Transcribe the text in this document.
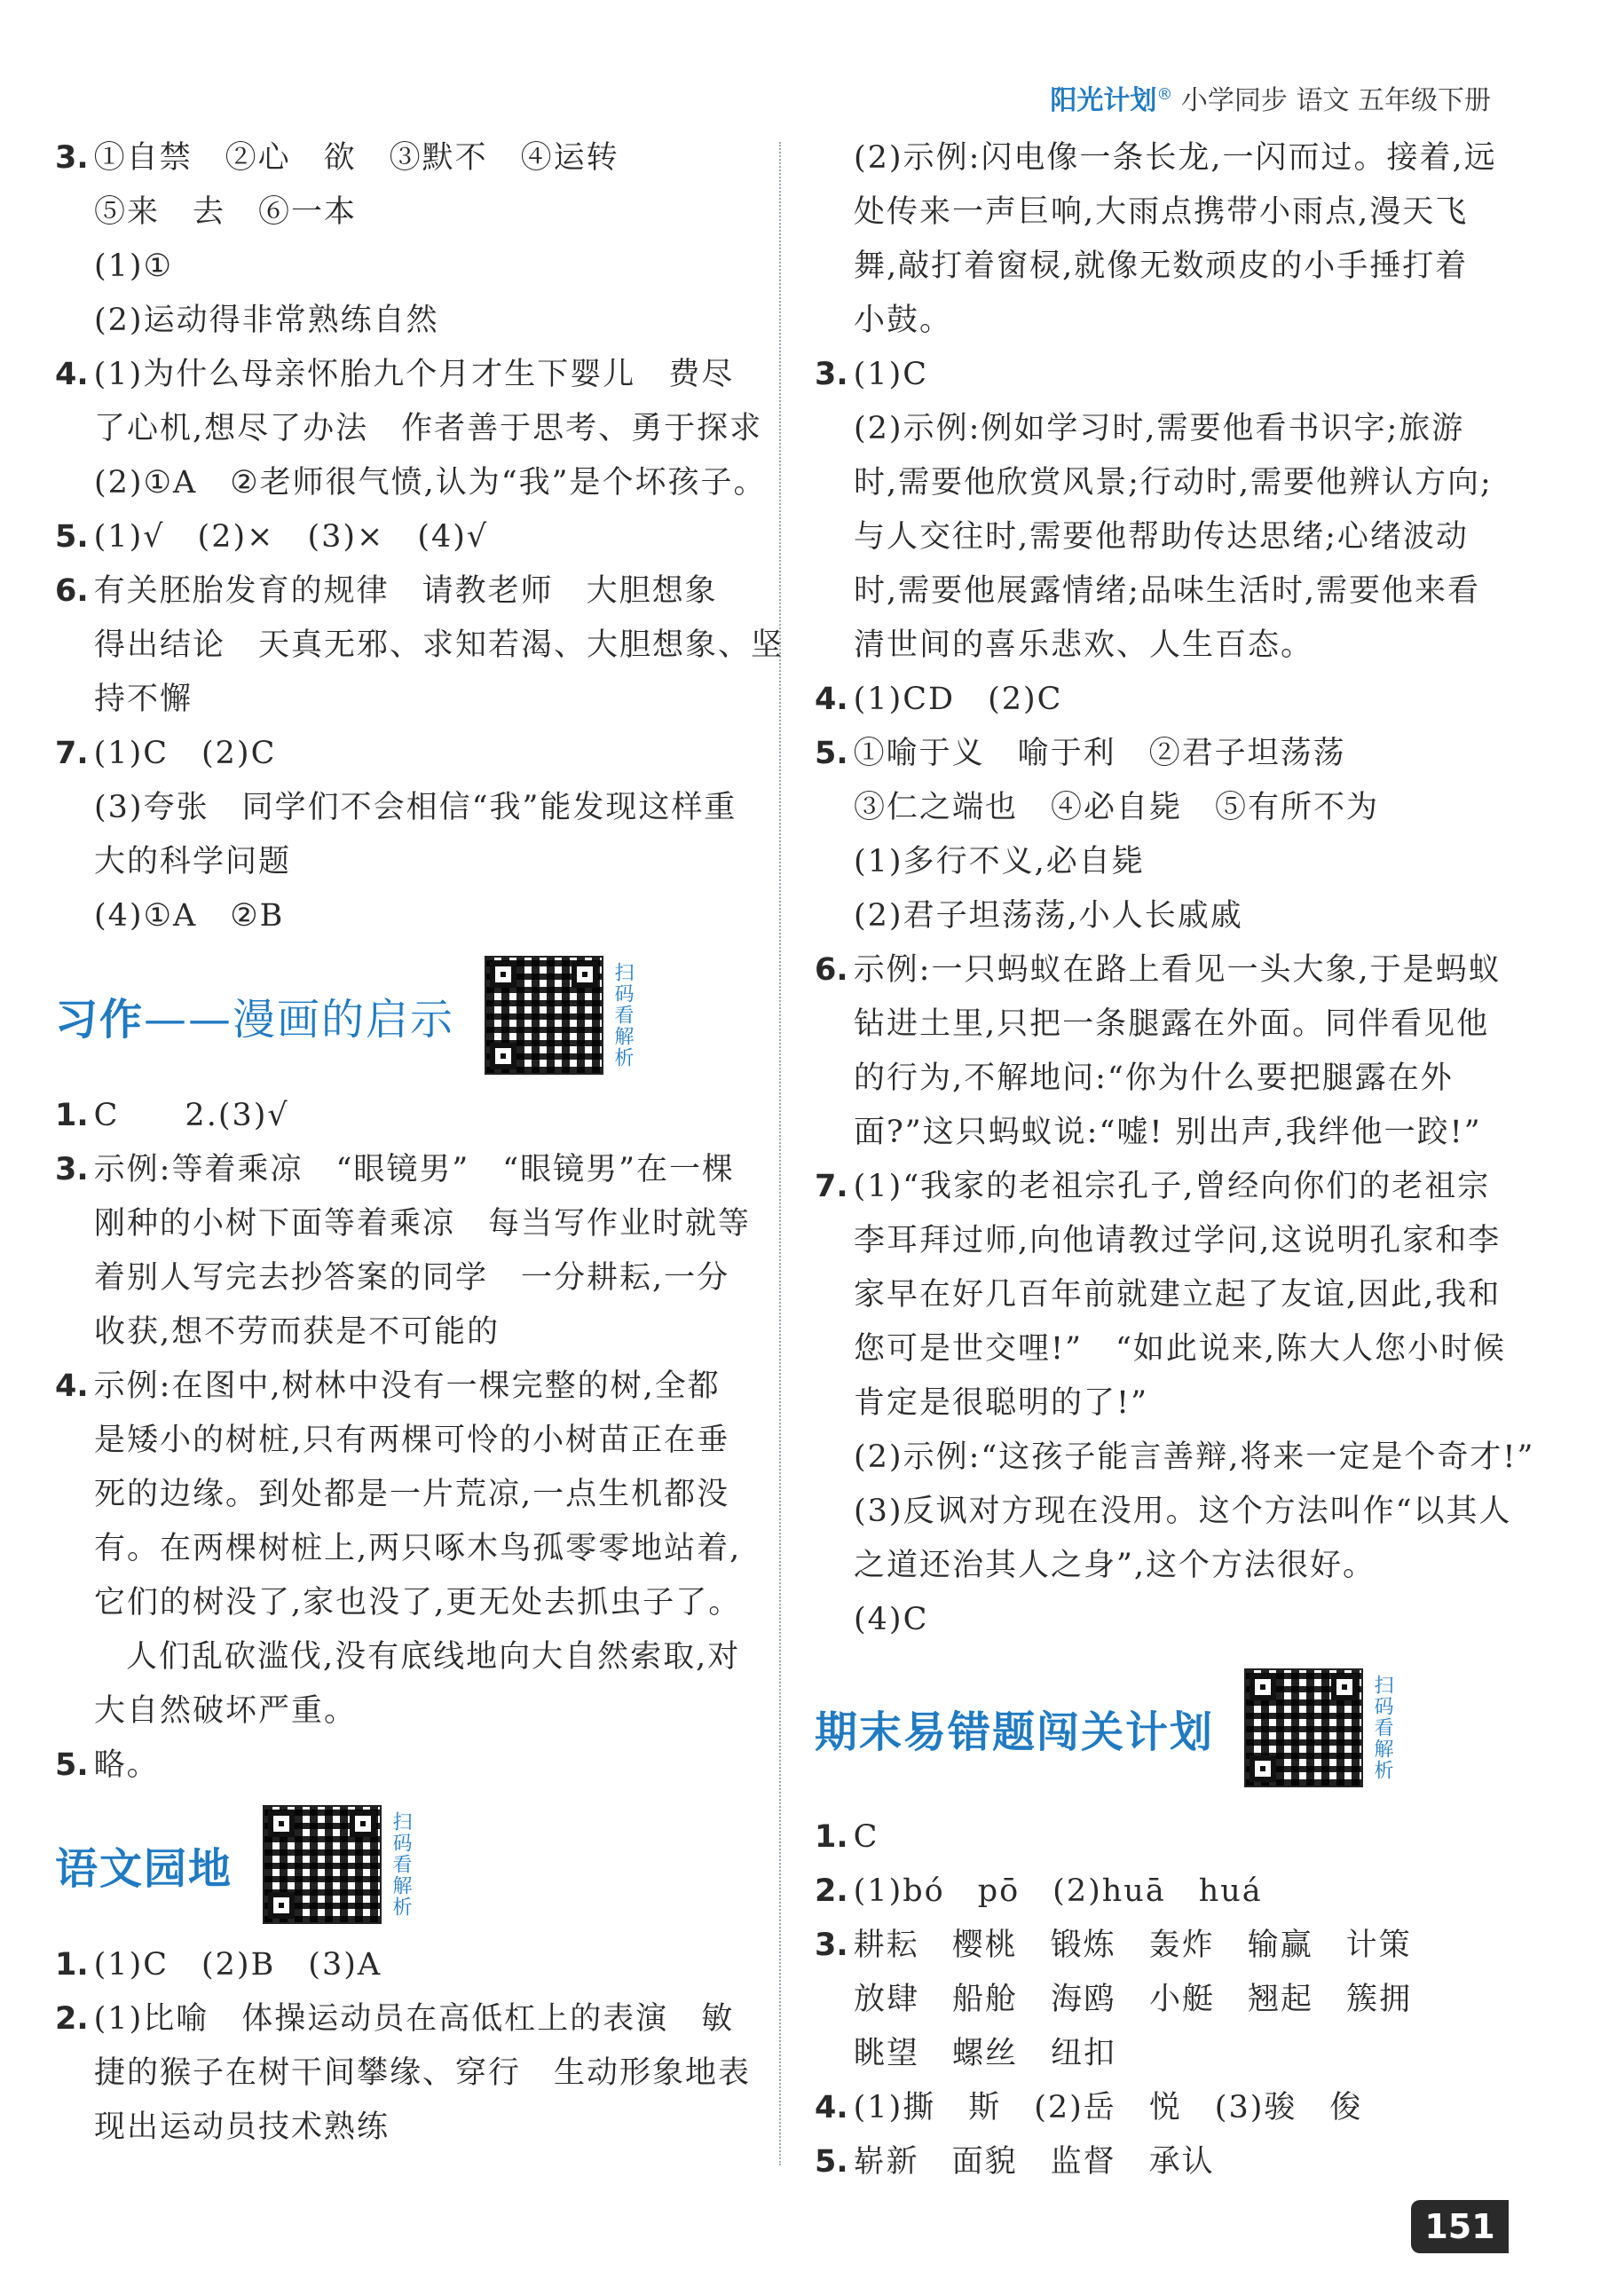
阳光计划® 小学同步 语文 五年级下册
3. ①自禁　②心　欲　③默不　④运转
⑤来　去　⑥一本
(1)①
(2)运动得非常熟练自然
4. (1)为什么母亲怀胎九个月才生下婴儿　费尽
了心机,想尽了办法　作者善于思考、勇于探求
(2)①A　②老师很气愤,认为“我”是个坏孩子。
5. (1)√　(2)×　(3)×　(4)√
6. 有关胚胎发育的规律　请教老师　大胆想象
得出结论　天真无邪、求知若渴、大胆想象、坚
持不懈
7. (1)C　(2)C
(3)夸张　同学们不会相信“我”能发现这样重
大的科学问题
(4)①A　②B
习作——漫画的启示	扫码看解析
1. C　　2.(3)√
3. 示例:等着乘凉　“眼镜男”　“眼镜男”在一棵
刚种的小树下面等着乘凉　每当写作业时就等
着别人写完去抄答案的同学　一分耕耘,一分
收获,想不劳而获是不可能的
4. 示例:在图中,树林中没有一棵完整的树,全都
是矮小的树桩,只有两棵可怜的小树苗正在垂
死的边缘。到处都是一片荒凉,一点生机都没
有。在两棵树桩上,两只啄木鸟孤零零地站着,
它们的树没了,家也没了,更无处去抓虫子了。
人们乱砍滥伐,没有底线地向大自然索取,对
大自然破坏严重。
5. 略。
语文园地	扫码看解析
1. (1)C　(2)B　(3)A
2. (1)比喻　体操运动员在高低杠上的表演　敏
捷的猴子在树干间攀缘、穿行　生动形象地表
现出运动员技术熟练
(2)示例:闪电像一条长龙,一闪而过。接着,远
处传来一声巨响,大雨点携带小雨点,漫天飞
舞,敲打着窗棂,就像无数顽皮的小手捶打着
小鼓。
3. (1)C
(2)示例:例如学习时,需要他看书识字;旅游
时,需要他欣赏风景;行动时,需要他辨认方向;
与人交往时,需要他帮助传达思绪;心绪波动
时,需要他展露情绪;品味生活时,需要他来看
清世间的喜乐悲欢、人生百态。
4. (1)CD　(2)C
5. ①喻于义　喻于利　②君子坦荡荡
③仁之端也　④必自毙　⑤有所不为
(1)多行不义,必自毙
(2)君子坦荡荡,小人长戚戚
6. 示例:一只蚂蚁在路上看见一头大象,于是蚂蚁
钻进土里,只把一条腿露在外面。同伴看见他
的行为,不解地问:“你为什么要把腿露在外
面?”这只蚂蚁说:“嘘! 别出声,我绊他一跤!”
7. (1)“我家的老祖宗孔子,曾经向你们的老祖宗
李耳拜过师,向他请教过学问,这说明孔家和李
家早在好几百年前就建立起了友谊,因此,我和
您可是世交哩!”　“如此说来,陈大人您小时候
肯定是很聪明的了!”
(2)示例:“这孩子能言善辩,将来一定是个奇才!”
(3)反讽对方现在没用。这个方法叫作“以其人
之道还治其人之身”,这个方法很好。
(4)C
期末易错题闯关计划	扫码看解析
1. C
2. (1)bó　pō　(2)huā　huá
3. 耕耘　樱桃　锻炼　轰炸　输赢　计策
放肆　船舱　海鸥　小艇　翘起　簇拥
眺望　螺丝　纽扣
4. (1)撕　斯　(2)岳　悦　(3)骏　俊
5. 崭新　面貌　监督　承认
151
